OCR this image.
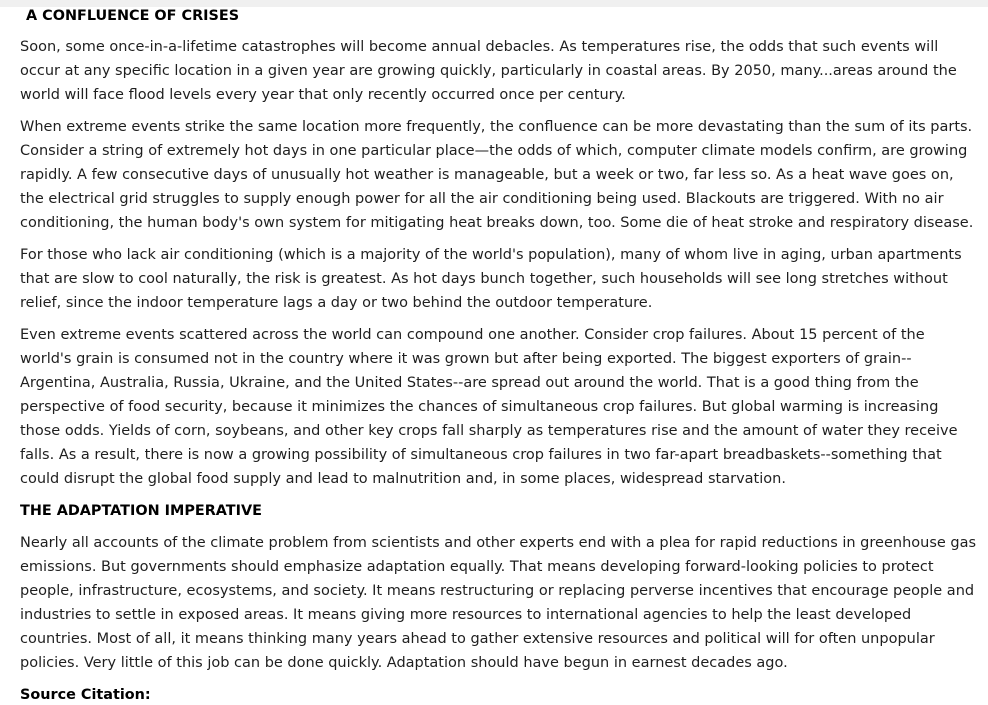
A CONFLUENCE OF CRISES

Soon, some once-in-a-lifetime catastrophes will become annual debacles. As temperatures rise, the odds that such events will occur at any specific location in a given year are growing quickly, particularly in coastal areas. By 2050, many...areas around the world will face flood levels every year that only recently occurred once per century.

When extreme events strike the same location more frequently, the confluence can be more devastating than the sum of its parts. Consider a string of extremely hot days in one particular place—the odds of which, computer climate models confirm, are growing rapidly. A few consecutive days of unusually hot weather is manageable, but a week or two, far less so. As a heat wave goes on, the electrical grid struggles to supply enough power for all the air conditioning being used. Blackouts are triggered. With no air conditioning, the human body's own system for mitigating heat breaks down, too. Some die of heat stroke and respiratory disease.

For those who lack air conditioning (which is a majority of the world's population), many of whom live in aging, urban apartments that are slow to cool naturally, the risk is greatest. As hot days bunch together, such households will see long stretches without relief, since the indoor temperature lags a day or two behind the outdoor temperature.

Even extreme events scattered across the world can compound one another. Consider crop failures. About 15 percent of the world's grain is consumed not in the country where it was grown but after being exported. The biggest exporters of grain--Argentina, Australia, Russia, Ukraine, and the United States--are spread out around the world. That is a good thing from the perspective of food security, because it minimizes the chances of simultaneous crop failures. But global warming is increasing those odds. Yields of corn, soybeans, and other key crops fall sharply as temperatures rise and the amount of water they receive falls. As a result, there is now a growing possibility of simultaneous crop failures in two far-apart breadbaskets--something that could disrupt the global food supply and lead to malnutrition and, in some places, widespread starvation.

THE ADAPTATION IMPERATIVE

Nearly all accounts of the climate problem from scientists and other experts end with a plea for rapid reductions in greenhouse gas emissions. But governments should emphasize adaptation equally. That means developing forward-looking policies to protect people, infrastructure, ecosystems, and society. It means restructuring or replacing perverse incentives that encourage people and industries to settle in exposed areas. It means giving more resources to international agencies to help the least developed countries. Most of all, it means thinking many years ahead to gather extensive resources and political will for often unpopular policies. Very little of this job can be done quickly. Adaptation should have begun in earnest decades ago.

Source Citation:
